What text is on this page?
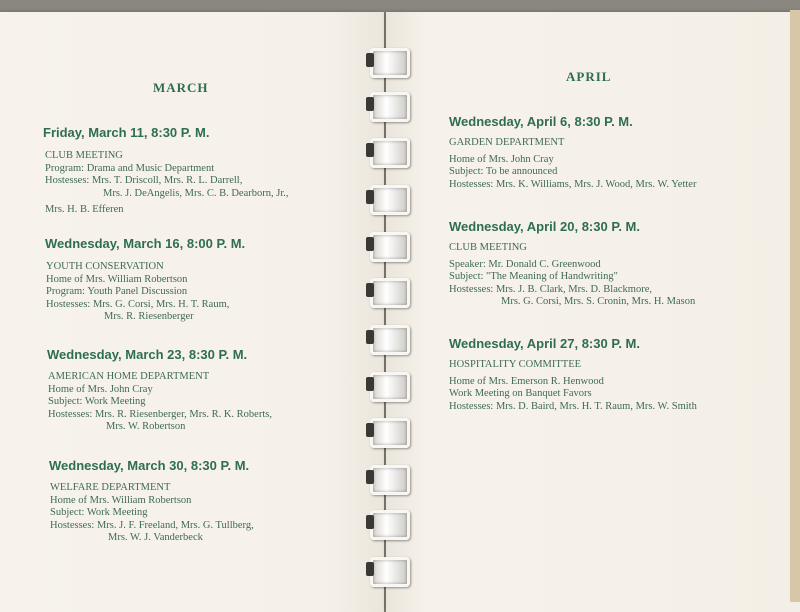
MARCH
Friday, March 11, 8:30 P. M.
CLUB MEETING
Program: Drama and Music Department
Hostesses: Mrs. T. Driscoll, Mrs. R. L. Darrell,
Mrs. J. DeAngelis, Mrs. C. B. Dearborn, Jr.,
Mrs. H. B. Efferen
Wednesday, March 16, 8:00 P. M.
YOUTH CONSERVATION
Home of Mrs. William Robertson
Program: Youth Panel Discussion
Hostesses: Mrs. G. Corsi, Mrs. H. T. Raum,
Mrs. R. Riesenberger
Wednesday, March 23, 8:30 P. M.
AMERICAN HOME DEPARTMENT
Home of Mrs. John Cray
Subject: Work Meeting
Hostesses: Mrs. R. Riesenberger, Mrs. R. K. Roberts,
Mrs. W. Robertson
Wednesday, March 30, 8:30 P. M.
WELFARE DEPARTMENT
Home of Mrs. William Robertson
Subject: Work Meeting
Hostesses: Mrs. J. F. Freeland, Mrs. G. Tullberg,
Mrs. W. J. Vanderbeck
APRIL
Wednesday, April 6, 8:30 P. M.
GARDEN DEPARTMENT
Home of Mrs. John Cray
Subject: To be announced
Hostesses: Mrs. K. Williams, Mrs. J. Wood, Mrs. W. Yetter
Wednesday, April 20, 8:30 P. M.
CLUB MEETING
Speaker: Mr. Donald C. Greenwood
Subject: "The Meaning of Handwriting"
Hostesses: Mrs. J. B. Clark, Mrs. D. Blackmore,
Mrs. G. Corsi, Mrs. S. Cronin, Mrs. H. Mason
Wednesday, April 27, 8:30 P. M.
HOSPITALITY COMMITTEE
Home of Mrs. Emerson R. Henwood
Work Meeting on Banquet Favors
Hostesses: Mrs. D. Baird, Mrs. H. T. Raum, Mrs. W. Smith
